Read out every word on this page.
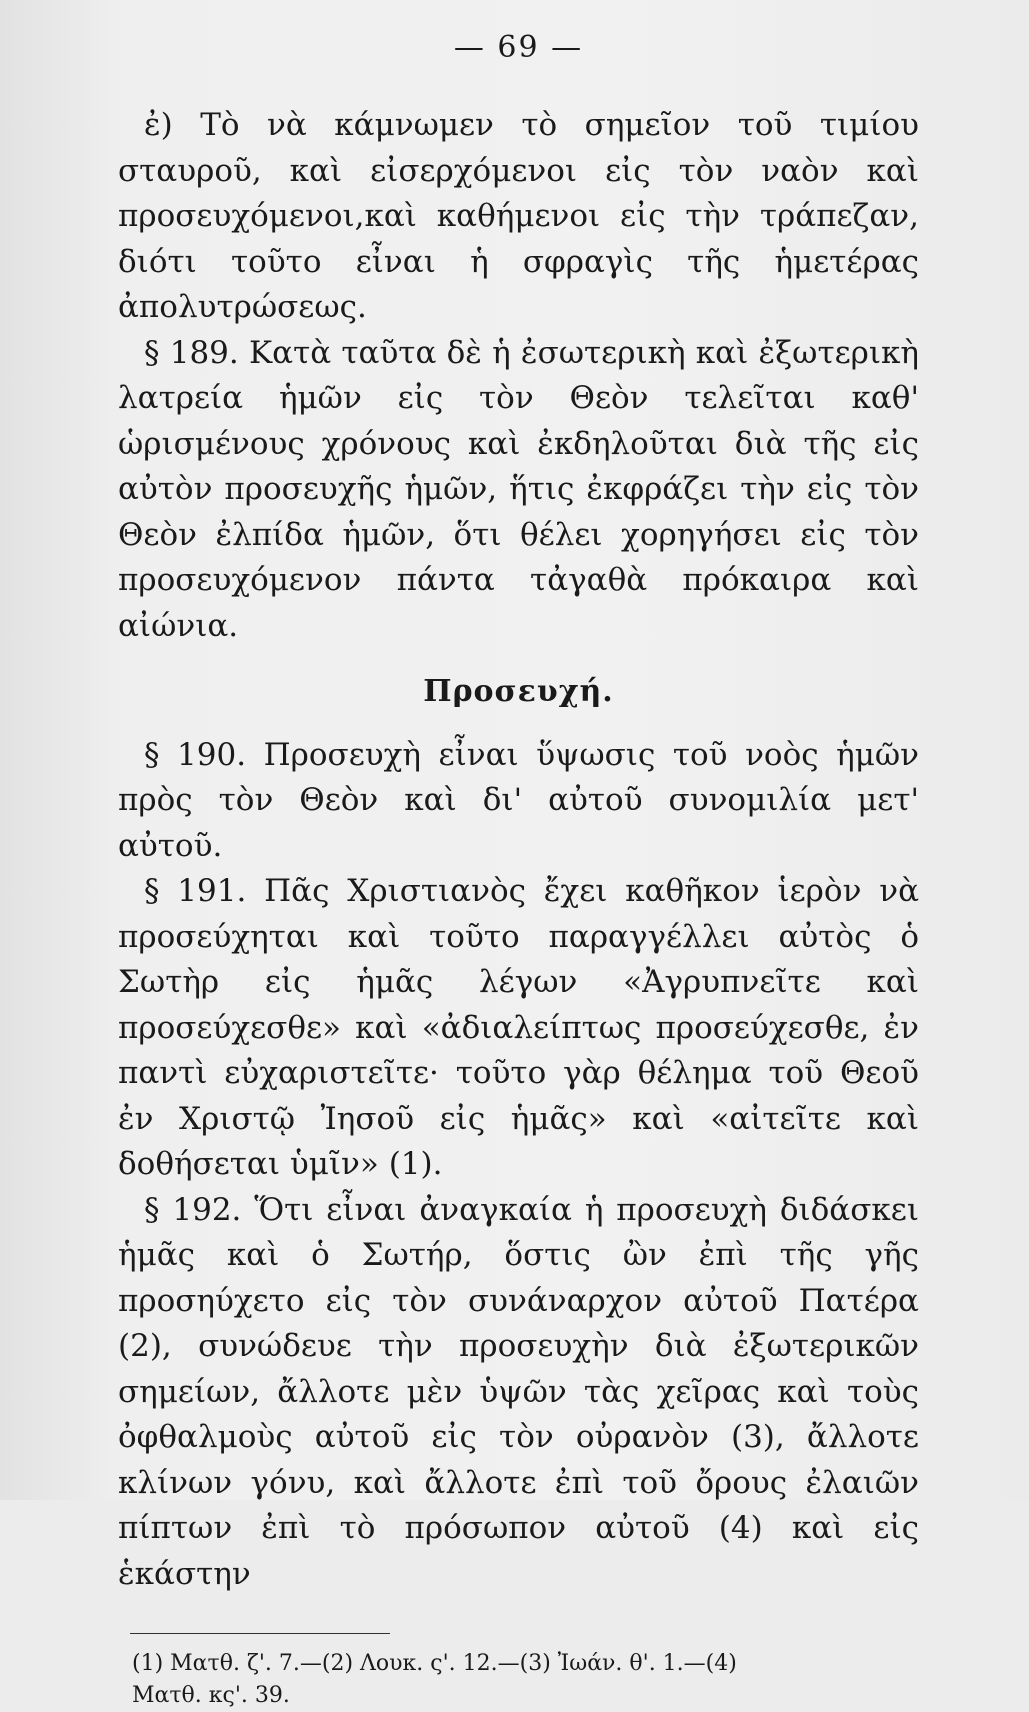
— 69 —

ἐ) Τὸ νὰ κάμνωμεν τὸ σημεῖον τοῦ τιμίου σταυροῦ, καὶ εἰσερχόμενοι εἰς τὸν ναὸν καὶ προσευχόμενοι,καὶ καθήμενοι εἰς τὴν τράπεζαν, διότι τοῦτο εἶναι ἡ σφραγὶς τῆς ἡμετέρας ἀπολυτρώσεως.

§ 189. Κατὰ ταῦτα δὲ ἡ ἐσωτερικὴ καὶ ἐξωτερικὴ λατρεία ἡμῶν εἰς τὸν Θεὸν τελεῖται καθ' ὡρισμένους χρόνους καὶ ἐκδηλοῦται διὰ τῆς εἰς αὐτὸν προσευχῆς ἡμῶν, ἥτις ἐκφράζει τὴν εἰς τὸν Θεὸν ἐλπίδα ἡμῶν, ὅτι θέλει χορηγήσει εἰς τὸν προσευχόμενον πάντα τἀγαθὰ πρόκαιρα καὶ αἰώνια.

Προσευχή.

§ 190. Προσευχὴ εἶναι ὕψωσις τοῦ νοὸς ἡμῶν πρὸς τὸν Θεὸν καὶ δι' αὐτοῦ συνομιλία μετ' αὐτοῦ.

§ 191. Πᾶς Χριστιανὸς ἔχει καθῆκον ἱερὸν νὰ προσεύχηται καὶ τοῦτο παραγγέλλει αὐτὸς ὁ Σωτὴρ εἰς ἡμᾶς λέγων «Ἀγρυπνεῖτε καὶ προσεύχεσθε» καὶ «ἀδιαλείπτως προσεύχεσθε, ἐν παντὶ εὐχαριστεῖτε· τοῦτο γὰρ θέλημα τοῦ Θεοῦ ἐν Χριστῷ Ἰησοῦ εἰς ἡμᾶς» καὶ «αἰτεῖτε καὶ δοθήσεται ὑμῖν» (1).

§ 192. Ὅτι εἶναι ἀναγκαία ἡ προσευχὴ διδάσκει ἡμᾶς καὶ ὁ Σωτήρ, ὅστις ὢν ἐπὶ τῆς γῆς προσηύχετο εἰς τὸν συνάναρχον αὐτοῦ Πατέρα (2), συνώδευε τὴν προσευχὴν διὰ ἐξωτερικῶν σημείων, ἄλλοτε μὲν ὑψῶν τὰς χεῖρας καὶ τοὺς ὀφθαλμοὺς αὐτοῦ εἰς τὸν οὐρανὸν (3), ἄλλοτε κλίνων γόνυ, καὶ ἄλλοτε ἐπὶ τοῦ ὄρους ἐλαιῶν πίπτων ἐπὶ τὸ πρόσωπον αὐτοῦ (4) καὶ εἰς ἑκάστην

(1) Ματθ. ζ'. 7.—(2) Λουκ. ς'. 12.—(3) Ἰωάν. θ'. 1.—(4)
Ματθ. κς'. 39.
